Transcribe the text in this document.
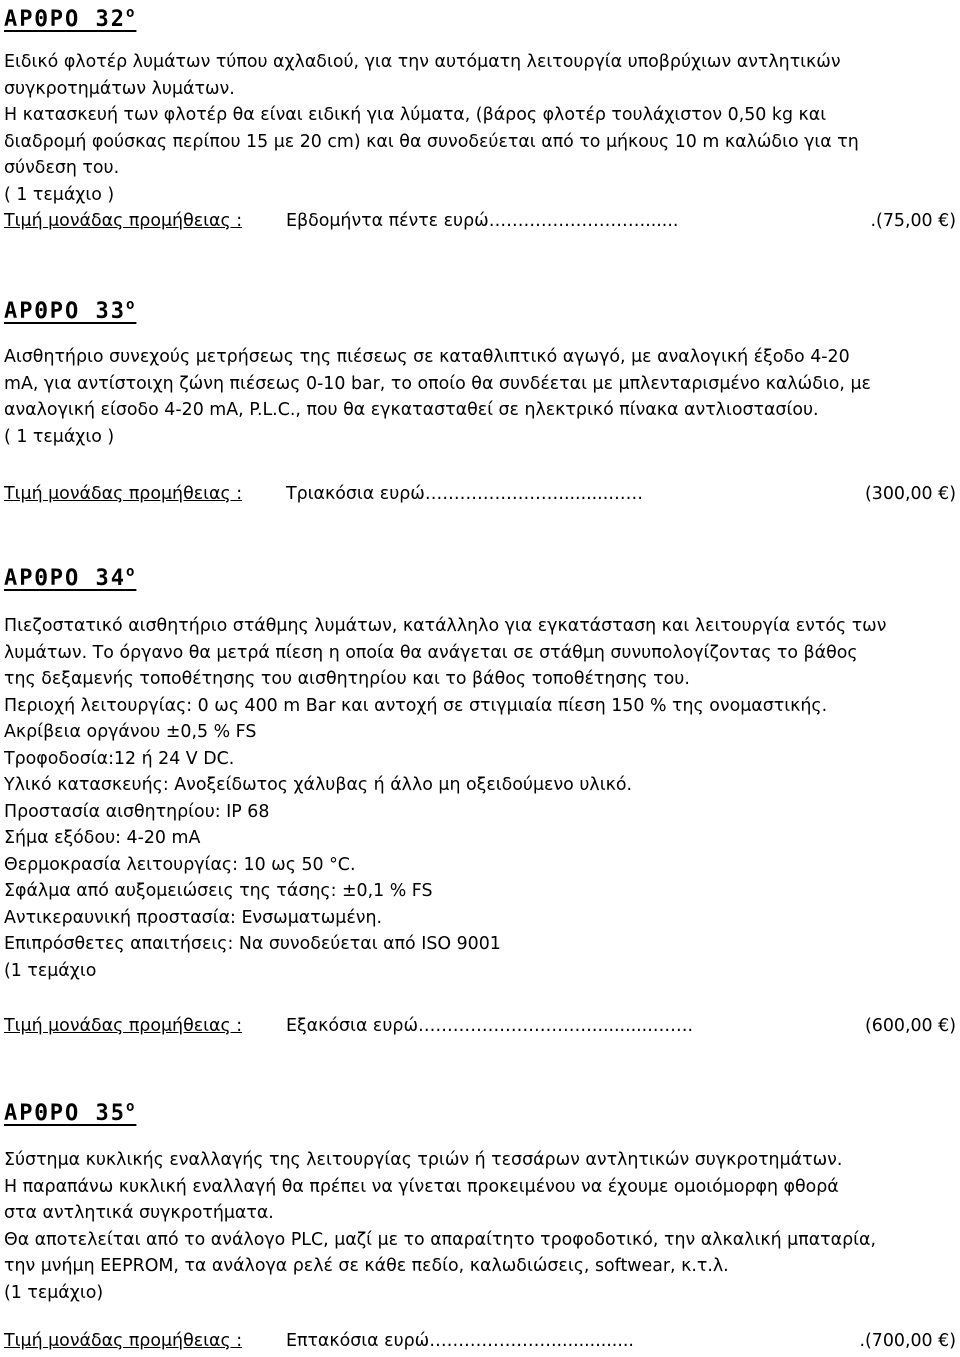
ΑΡΘΡΟ $32^o$

Ειδικό φλοτέρ λυμάτων τύπου αχλαδιού, για την αυτόματη λειτουργία υποβρύχιων αντλητικών

συγκροτημάτων λυμάτων.

Η κατασκευή των φλοτέρ θα είναι ειδική για λύματα, (βάρος φλοτέρ τουλάχιστον 0,50 kg και

διαδρομή φούσκας περίπου 15 με 20 cm) και θα συνοδεύεται από το μήκους 10 m καλώδιο για τη

σύνδεση του.

( 1 τεμάχιο )

Τιμή μονάδας προμήθειας :	Εβδομήντα πέντε ευρώ………………………......	.(75,00 €)
ΑΡΘΡΟ $33^o$

Αισθητήριο συνεχούς μετρήσεως της πιέσεως σε καταθλιπτικό αγωγό, με αναλογική έξοδο 4-20

mA, για αντίστοιχη ζώνη πιέσεως 0-10 bar, το οποίο θα συνδέεται με μπλενταρισμένο καλώδιο, με

αναλογική είσοδο 4-20 mA, P.L.C., που θα εγκατασταθεί σε ηλεκτρικό πίνακα αντλιοστασίου.

( 1 τεμάχιο )

Τιμή μονάδας προμήθειας :	Τριακόσια ευρώ……………………........……	(300,00 €)
ΑΡΘΡΟ $34^o$

Πιεζοστατικό αισθητήριο στάθμης λυμάτων, κατάλληλο για εγκατάσταση και λειτουργία εντός των

λυμάτων. Το όργανο θα μετρά πίεση η οποία θα ανάγεται σε στάθμη συνυπολογίζοντας το βάθος

της δεξαμενής τοποθέτησης του αισθητηρίου και το βάθος τοποθέτησης του.

Περιοχή λειτουργίας: 0 ως 400 m Bar και αντοχή σε στιγμιαία πίεση 150 % της ονομαστικής.

Ακρίβεια οργάνου ±0,5 % FS

Τροφοδοσία:12 ή 24 V DC.

Υλικό κατασκευής: Ανοξείδωτος χάλυβας ή άλλο μη οξειδούμενο υλικό.

Προστασία αισθητηρίου: IP 68

Σήμα εξόδου: 4-20 mA

Θερμοκρασία λειτουργίας: 10 ως 50 °C.

Σφάλμα από αυξομειώσεις της τάσης: ±0,1 % FS

Αντικεραυνική προστασία: Ενσωματωμένη.

Επιπρόσθετες απαιτήσεις: Να συνοδεύεται από ISO 9001

(1 τεμάχιο

Τιμή μονάδας προμήθειας :	Εξακόσια ευρώ…………………………...........…….	(600,00 €)
ΑΡΘΡΟ $35^o$

Σύστημα κυκλικής εναλλαγής της λειτουργίας τριών ή τεσσάρων αντλητικών συγκροτημάτων.

Η παραπάνω κυκλική εναλλαγή θα πρέπει να γίνεται προκειμένου να έχουμε ομοιόμορφη φθορά

στα αντλητικά συγκροτήματα.

Θα αποτελείται από το ανάλογο PLC, μαζί με το απαραίτητο τροφοδοτικό, την αλκαλική μπαταρία,

την μνήμη EEPROM, τα ανάλογα ρελέ σε κάθε πεδίο, καλωδιώσεις, softwear, κ.τ.λ.

(1 τεμάχιο)

Τιμή μονάδας προμήθειας :	Επτακόσια ευρώ…………………...............	.(700,00 €)
